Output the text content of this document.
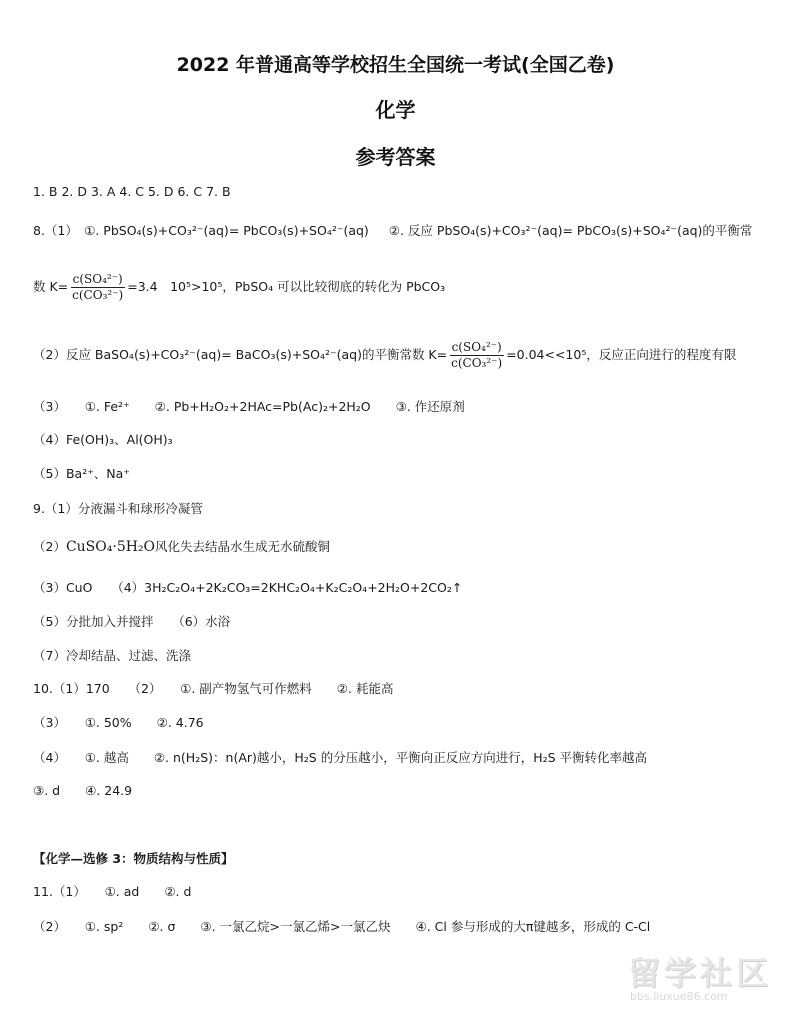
2022 年普通高等学校招生全国统一考试(全国乙卷)
化学
参考答案
1. B 2. D 3. A 4. C 5. D 6. C 7. B
8.（1）　①. PbSO₄(s)+CO₃²⁻(aq)= PbCO₃(s)+SO₄²⁻(aq) ②. 反应 PbSO₄(s)+CO₃²⁻(aq)= PbCO₃(s)+SO₄²⁻(aq)的平衡常
数 $K= \frac{\text{c(SO₄²⁻)}}{\text{c(CO₃²⁻)}} =3.4$　10⁵>10⁵，PbSO₄ 可以比较彻底的转化为 PbCO₃
（2）反应 BaSO₄(s)+CO₃²⁻(aq)= BaCO₃(s)+SO₄²⁻(aq)的平衡常数 $K= \frac{\text{c(SO₄²⁻)}}{\text{c(CO₃²⁻)}} =0.04<<10^5$，反应正向进行的程度有限
（3）　　①. Fe²⁺　　②. Pb+H₂O₂+2HAc=Pb(Ac)₂+2H₂O　　③. 作还原剂
（4）Fe(OH)₃、Al(OH)₃
（5）Ba²⁺、Na⁺
9.（1）分液漏斗和球形冷凝管
（2）CuSO₄·5H₂O风化失去结晶水生成无水硫酸铜
（3）CuO　　（4）3H₂C₂O₄+2K₂CO₃=2KHC₂O₄+K₂C₂O₄+2H₂O+2CO₂↑
（5）分批加入并搅拌　　（6）水浴
（7）冷却结晶、过滤、洗涤
10.（1）170　　（2）　　①. 副产物氢气可作燃料　　②. 耗能高
（3）　　①. 50%　　②. 4.76
（4）　　①. 越高　　②. n(H₂S)：n(Ar)越小，H₂S 的分压越小，平衡向正反应方向进行，H₂S 平衡转化率越高
③. d　　④. 24.9
【化学—选修 3：物质结构与性质】
11.（1）　　①. ad　　②. d
（2）　　①. sp²　　②. σ　　③. 一氯乙烷>一氯乙烯>一氯乙炔　　④. Cl 参与形成的大π键越多，形成的 C-Cl
留学社区
bbs.liuxue86.com
